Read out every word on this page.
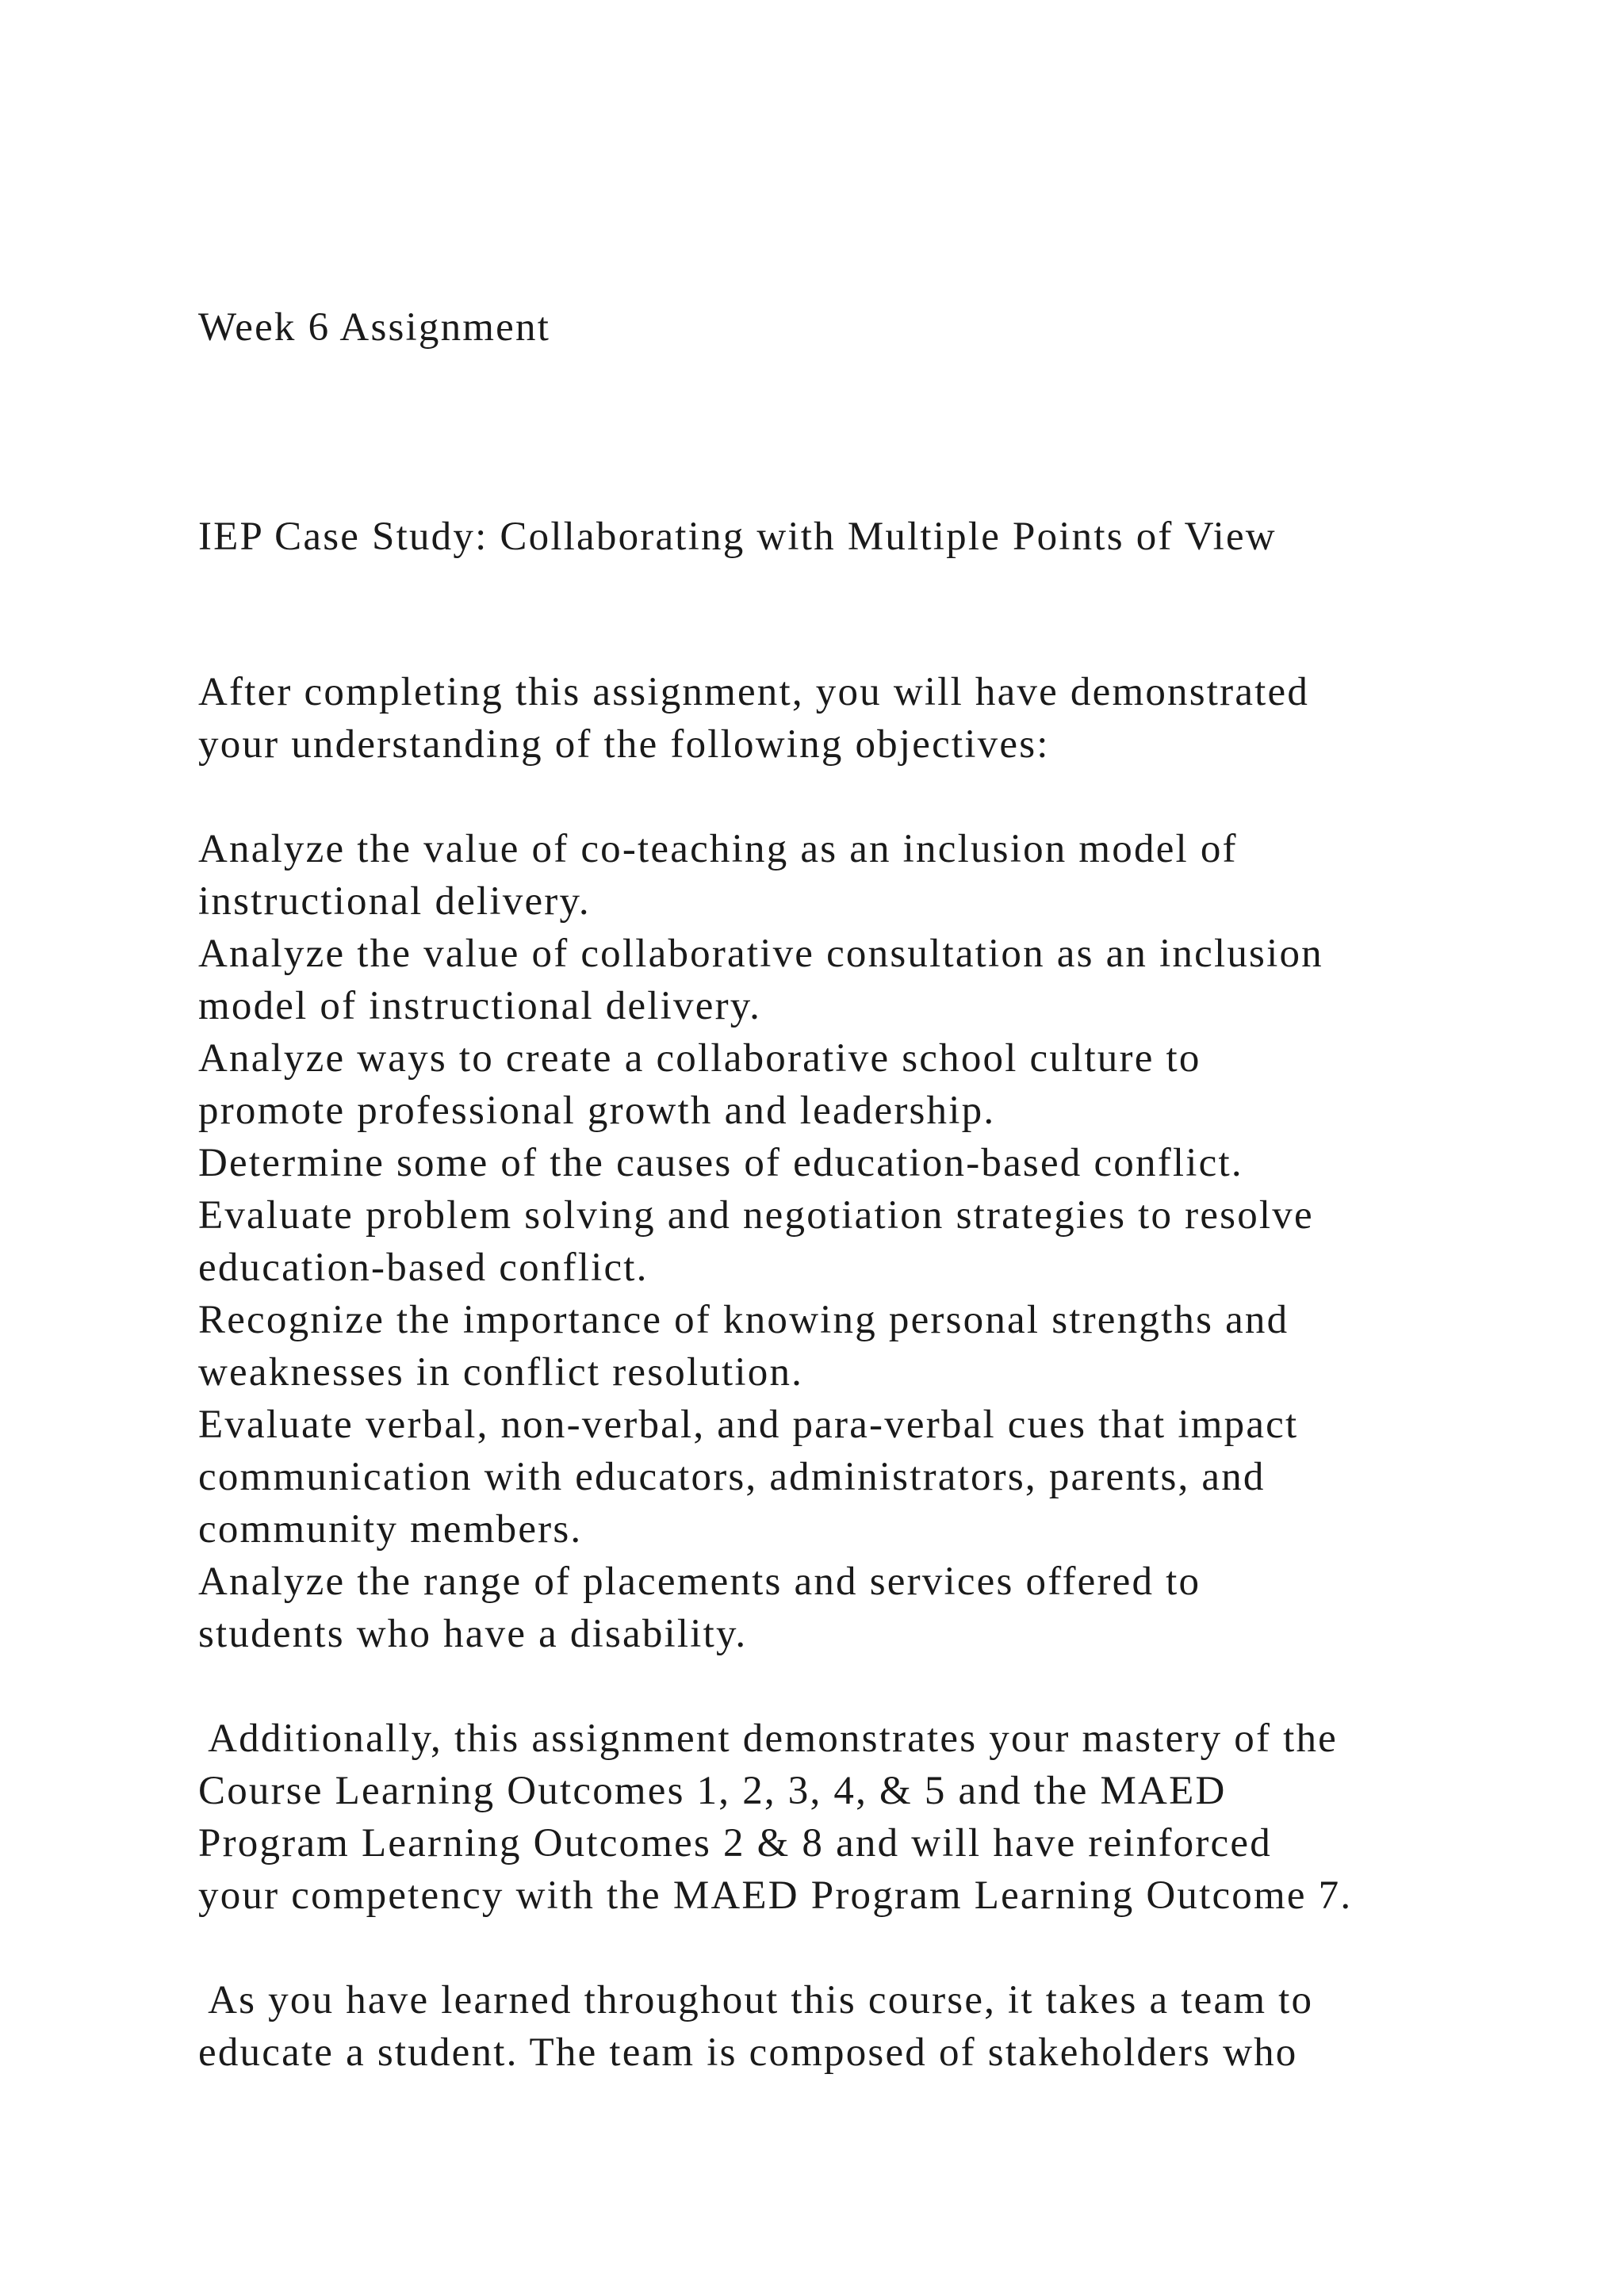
Week 6 Assignment

IEP Case Study: Collaborating with Multiple Points of View

After completing this assignment, you will have demonstrated

your understanding of the following objectives:

Analyze the value of co-teaching as an inclusion model of

instructional delivery.

Analyze the value of collaborative consultation as an inclusion

model of instructional delivery.

Analyze ways to create a collaborative school culture to

promote professional growth and leadership.

Determine some of the causes of education-based conflict.

Evaluate problem solving and negotiation strategies to resolve

education-based conflict.

Recognize the importance of knowing personal strengths and

weaknesses in conflict resolution.

Evaluate verbal, non-verbal, and para-verbal cues that impact

communication with educators, administrators, parents, and

community members.

Analyze the range of placements and services offered to

students who have a disability.

Additionally, this assignment demonstrates your mastery of the

Course Learning Outcomes 1, 2, 3, 4, & 5 and the MAED

Program Learning Outcomes 2 & 8 and will have reinforced

your competency with the MAED Program Learning Outcome 7.

As you have learned throughout this course, it takes a team to

educate a student. The team is composed of stakeholders who
